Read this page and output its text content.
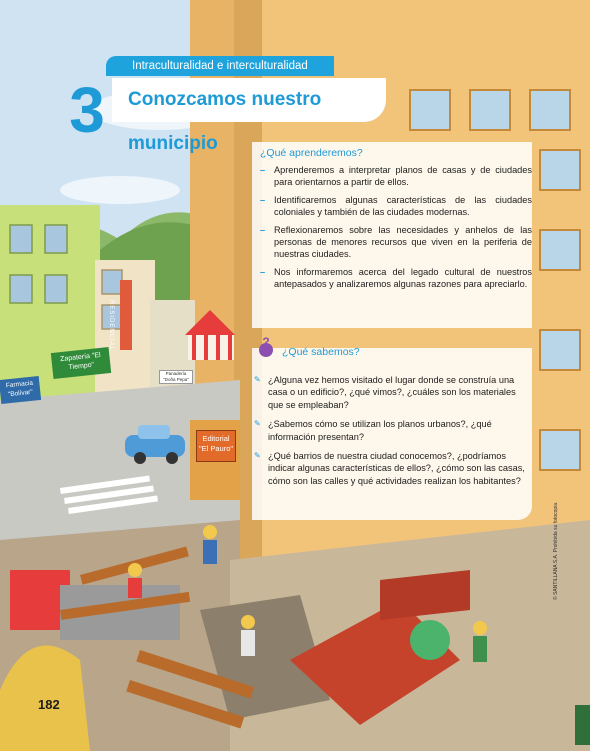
Zapatería "El Tiempo"
Farmacia "Bolívar"
RESIDENCIAL
Panadería "Doña Pepa"
Editorial "El Pauro"
Intraculturalidad e interculturalidad
Conozcamos nuestro municipio
3
¿Qué aprenderemos?
– Aprenderemos a interpretar planos de casas y de ciudades para orientarnos a partir de ellos.
– Identificaremos algunas características de las ciudades coloniales y también de las ciudades modernas.
– Reflexionaremos sobre las necesidades y anhelos de las personas de menores recursos que viven en la periferia de nuestras ciudades.
– Nos informaremos acerca del legado cultural de nuestros antepasados y analizaremos algunas razones para apreciarlo.
?
¿Qué sabemos?
✎ ¿Alguna vez hemos visitado el lugar donde se construía una casa o un edificio?, ¿qué vimos?, ¿cuáles son los materiales que se empleaban?
✎ ¿Sabemos cómo se utilizan los planos urbanos?, ¿qué información presentan?
✎ ¿Qué barrios de nuestra ciudad conocemos?, ¿podríamos indicar algunas características de ellos?, ¿cómo son las casas, cómo son las calles y qué actividades realizan los habitantes?
182
© SANTILLANA S.A. Prohibida su fotocopia.
